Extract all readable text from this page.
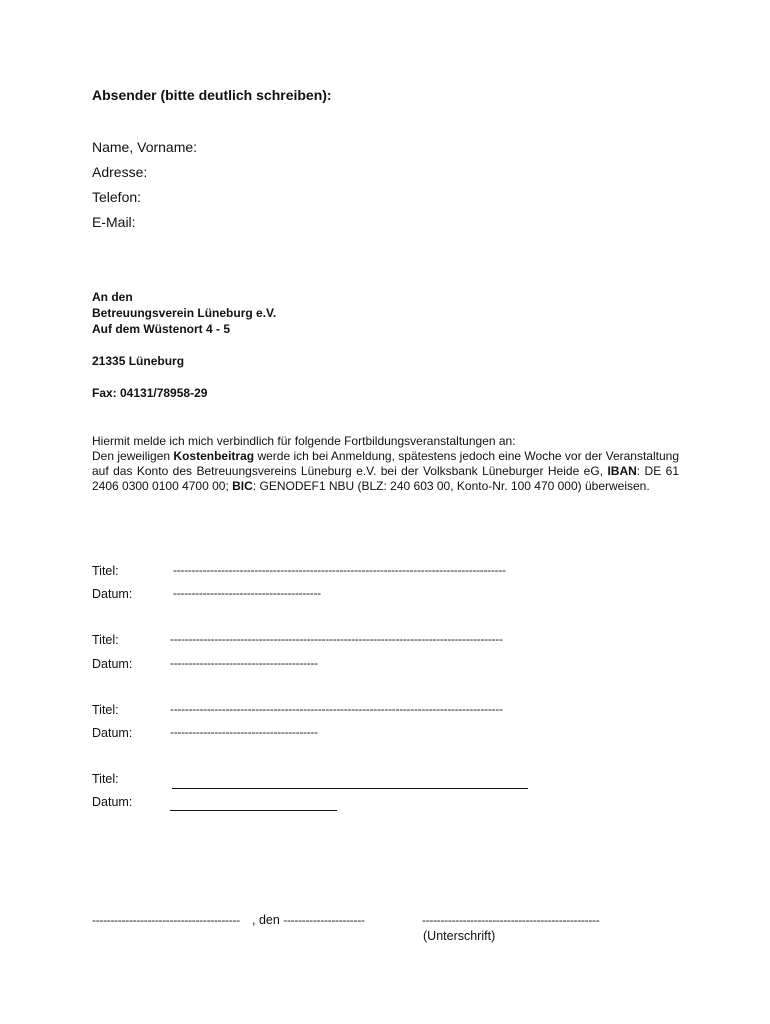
Absender (bitte deutlich schreiben):
Name, Vorname:
Adresse:
Telefon:
E-Mail:
An den
Betreuungsverein Lüneburg e.V.
Auf dem Wüstenort 4 - 5
21335 Lüneburg
Fax: 04131/78958-29

Hiermit melde ich mich verbindlich für folgende Fortbildungsveranstaltungen an:

Den jeweiligen Kostenbeitrag werde ich bei Anmeldung, spätestens jedoch eine Woche vor der Veranstaltung auf das Konto des Betreuungsvereins Lüneburg e.V. bei der Volksbank Lüneburger Heide eG, IBAN: DE 61 2406 0300 0100 4700 00; BIC: GENODEF1 NBU (BLZ: 240 603 00, Konto-Nr. 100 470 000) überweisen.

Titel:	------------------------------------------------------------------------------------------
Datum:	----------------------------------------
Titel:	------------------------------------------------------------------------------------------
Datum:	----------------------------------------
Titel:	------------------------------------------------------------------------------------------
Datum:	----------------------------------------
Titel:
Datum:
---------------------------------------- , den ----------------------	------------------------------------------------
(Unterschrift)
